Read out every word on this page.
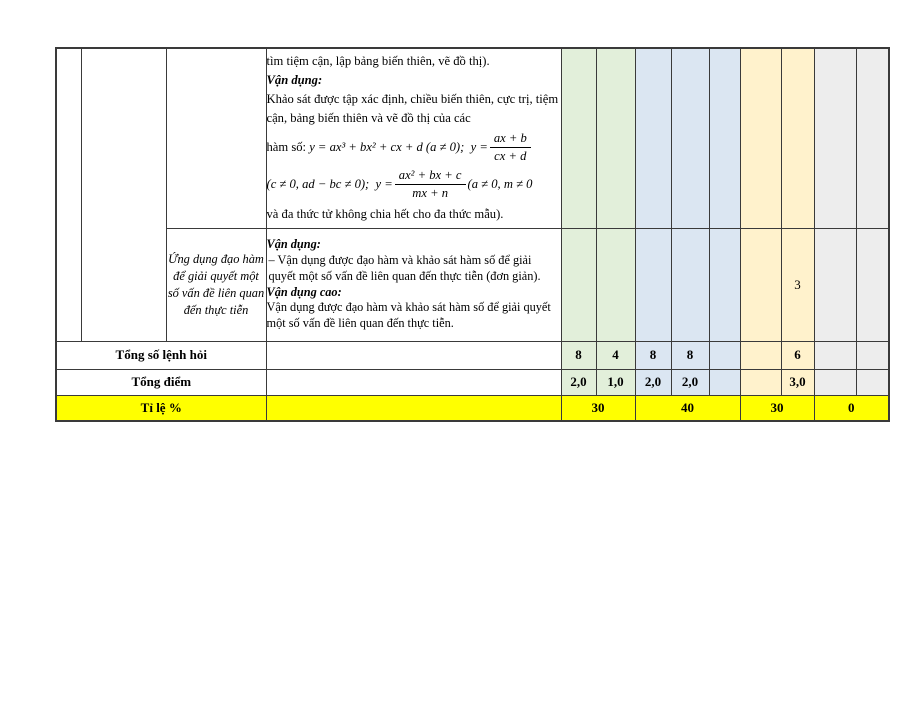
tìm tiệm cận, lập bảng biến thiên, vẽ đồ thị).
Vận dụng:
Khảo sát được tập xác định, chiều biến thiên, cực trị, tiệm cận, bảng biến thiên và vẽ đồ thị của các
hàm số: y = ax³ + bx² + cx + d (a ≠ 0);  $y = \frac{ax + b}{cx + d}$
(c ≠ 0, ad − bc ≠ 0);  $y = \frac{\text{ax² + bx + c}}{mx + n} (a \ne 0$, m ≠ 0
và đa thức tử không chia hết cho đa thức mẫu).

		Ứng dụng đạo hàm để giải quyết một số vấn đề liên quan đến thực tiễn	Vận dụng:
– Vận dụng được đạo hàm và khảo sát hàm số để giải quyết một số vấn đề liên quan đến thực tiễn (đơn giản).
Vận dụng cao:
Vận dụng được đạo hàm và khảo sát hàm số để giải quyết một số vấn đề liên quan đến thực tiễn.							3		
Tổng số lệnh hỏi				8	4	8	8			6		
Tổng điểm				2,0	1,0	2,0	2,0			3,0		
Tỉ lệ %				30		40			30		0	
